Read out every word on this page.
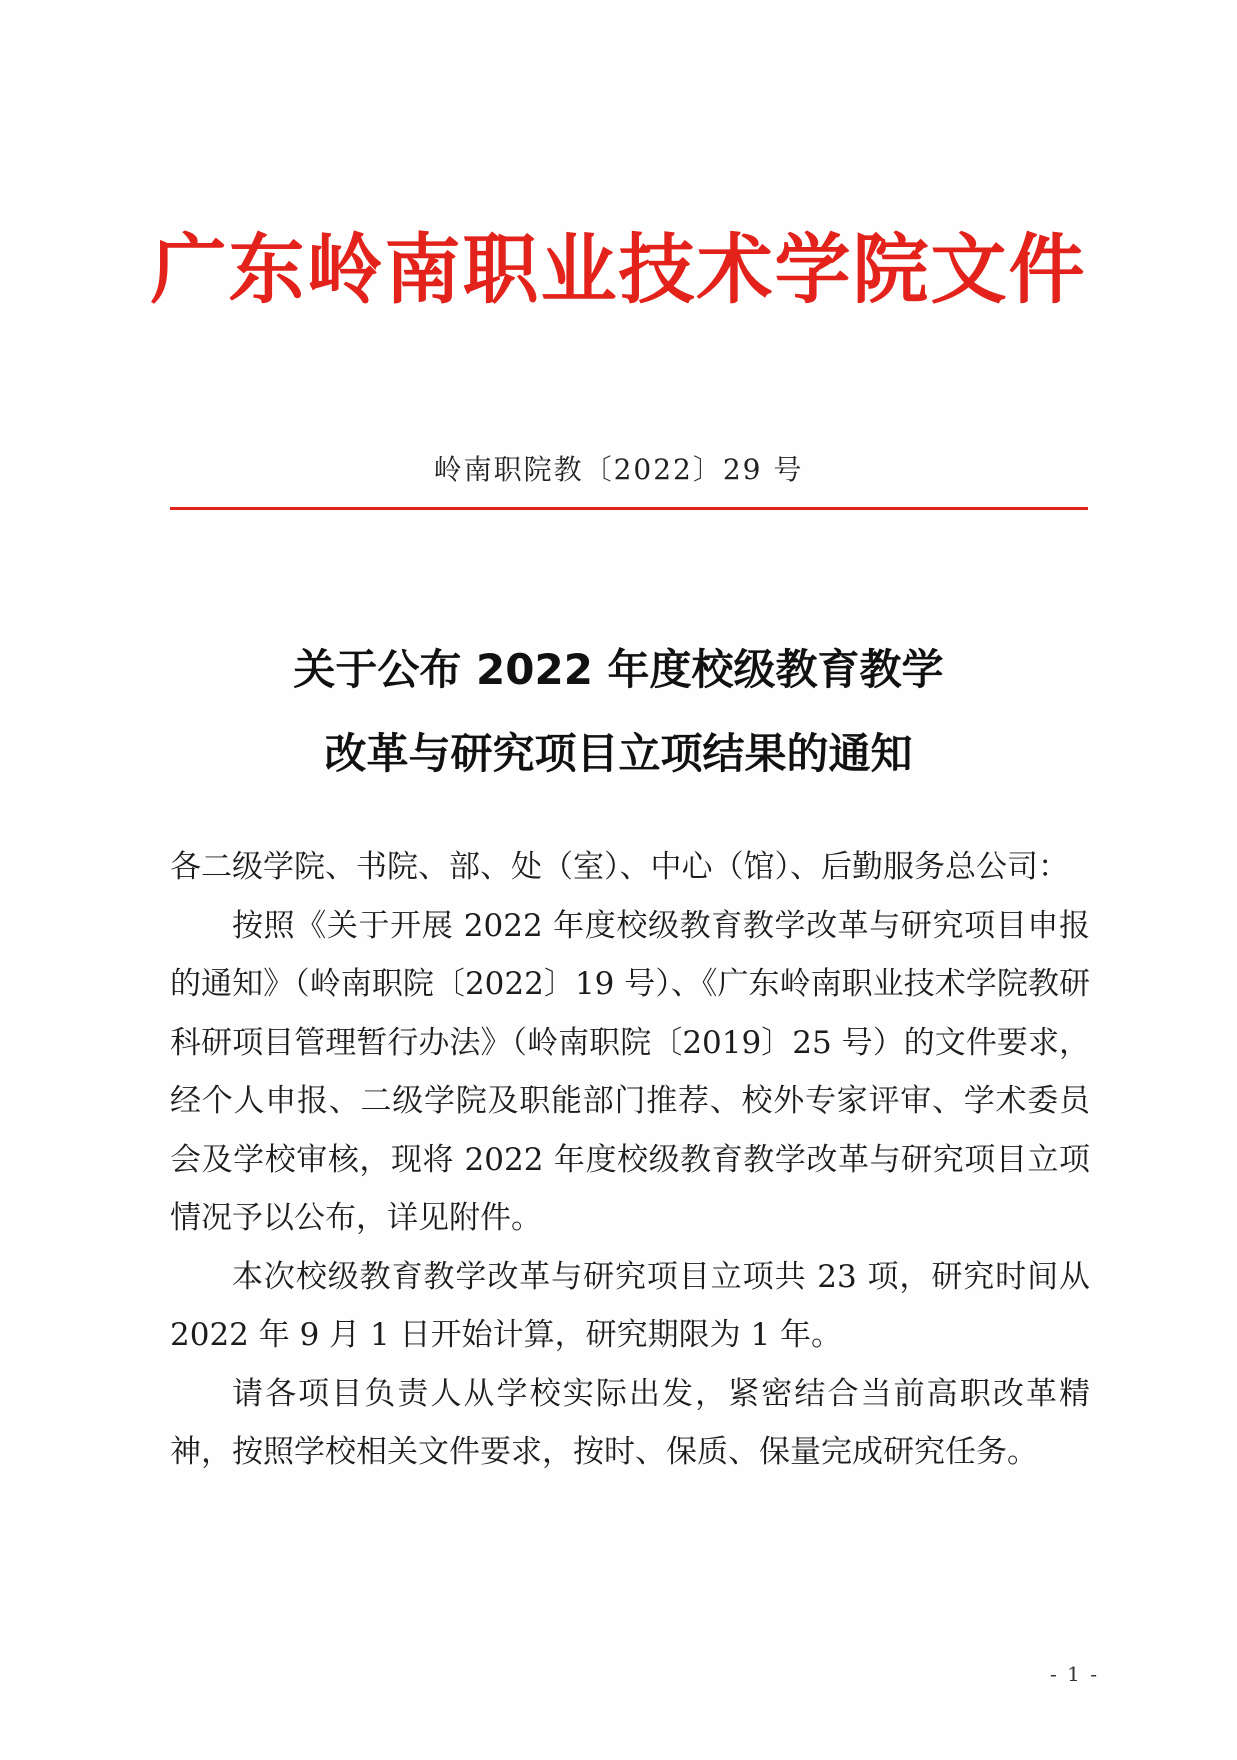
广东岭南职业技术学院文件
岭南职院教〔2022〕29 号
关于公布 2022 年度校级教育教学
改革与研究项目立项结果的通知

各二级学院、书院、部、处（室）、中心（馆）、后勤服务总公司：

按照《关于开展 2022 年度校级教育教学改革与研究项目申报的通知》（岭南职院〔2022〕19 号）、《广东岭南职业技术学院教研科研项目管理暂行办法》（岭南职院〔2019〕25 号）的文件要求，经个人申报、二级学院及职能部门推荐、校外专家评审、学术委员会及学校审核，现将 2022 年度校级教育教学改革与研究项目立项情况予以公布，详见附件。

本次校级教育教学改革与研究项目立项共 23 项，研究时间从 2022 年 9 月 1 日开始计算，研究期限为 1 年。

请各项目负责人从学校实际出发，紧密结合当前高职改革精神，按照学校相关文件要求，按时、保质、保量完成研究任务。

- 1 -
